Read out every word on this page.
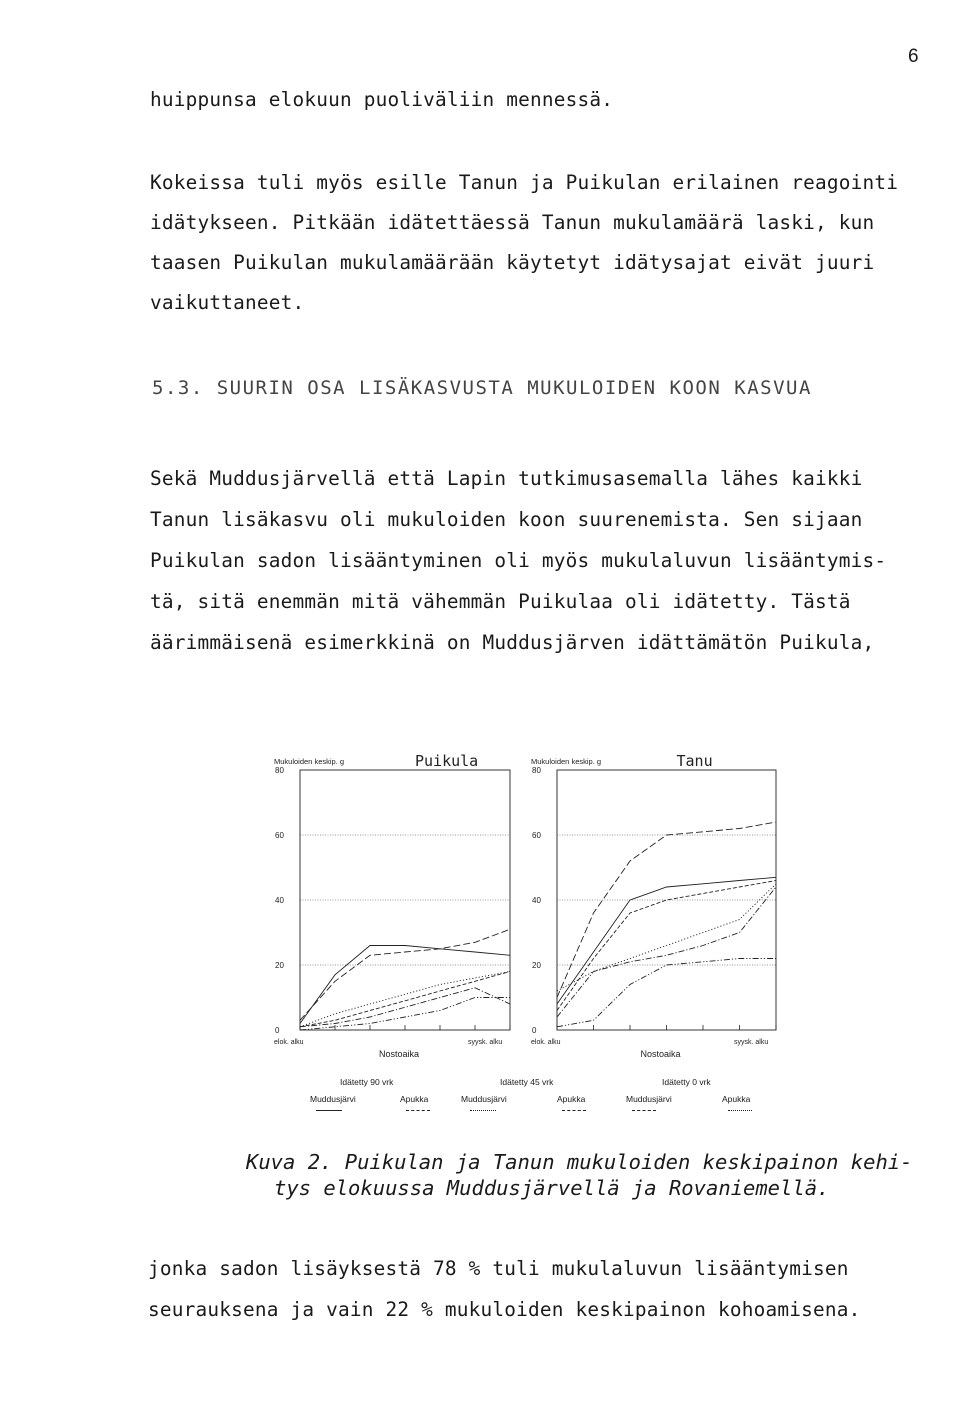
6
huippunsa elokuun puoliväliin mennessä.
Kokeissa tuli myös esille Tanun ja Puikulan erilainen reagointi
idätykseen. Pitkään idätettäessä Tanun mukulamäärä laski, kun
taasen Puikulan mukulamäärään käytetyt idätysajat eivät juuri
vaikuttaneet.
5.3. SUURIN OSA LISÄKASVUSTA MUKULOIDEN KOON KASVUA
Sekä Muddusjärvellä että Lapin tutkimusasemalla lähes kaikki
Tanun lisäkasvu oli mukuloiden koon suurenemista. Sen sijaan
Puikulan sadon lisääntyminen oli myös mukulaluvun lisääntymis-
tä, sitä enemmän mitä vähemmän Puikulaa oli idätetty. Tästä
äärimmäisenä esimerkkinä on Muddusjärven idättämätön Puikula,
0
20
40
60
80
elok. alku	syysk. alku
Nostoaika
Mukuloiden keskip. g	Puikula
0
20
40
60
80
elok. alku	syysk. alku
Nostoaika
Mukuloiden keskip. g	Tanu
Idätetty 90 vrk	Idätetty 45 vrk	Idätetty 0 vrk
Muddusjärvi	Apukka	Muddusjärvi	Apukka	Muddusjärvi	Apukka
Kuva 2. Puikulan ja Tanun mukuloiden keskipainon kehi-
tys elokuussa Muddusjärvellä ja Rovaniemellä.
jonka sadon lisäyksestä 78 % tuli mukulaluvun lisääntymisen
seurauksena ja vain 22 % mukuloiden keskipainon kohoamisena.
